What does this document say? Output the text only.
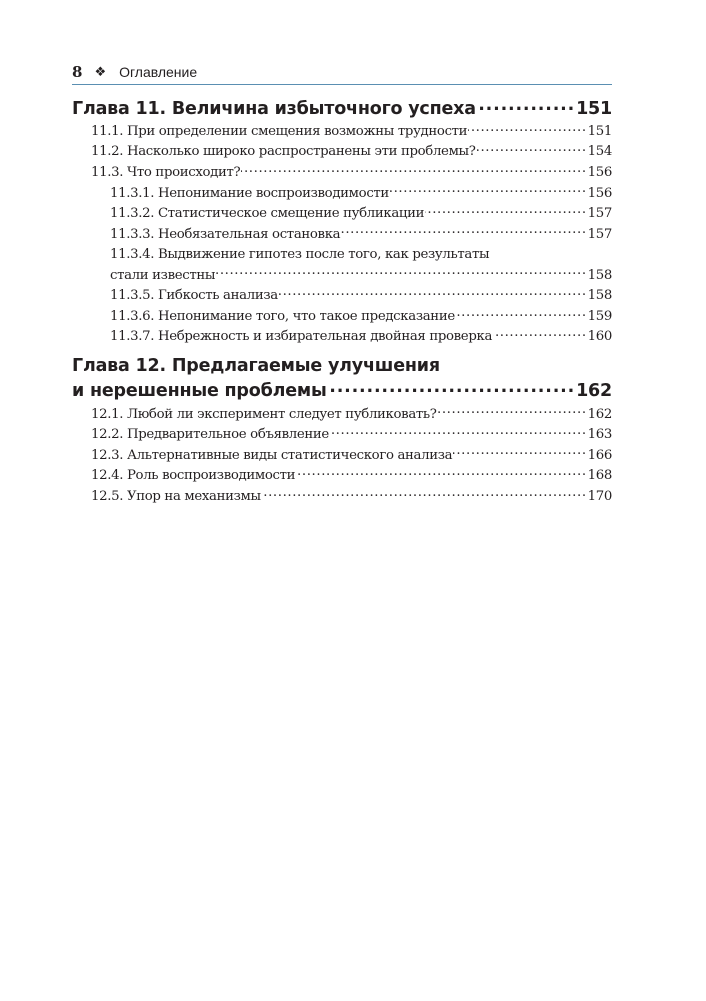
8 ❖ Оглавление
Глава 11. Величина избыточного успеха .....	151
11.1. При определении смещения возможны трудности .....	151
11.2. Насколько широко распространены эти проблемы? .....	154
11.3. Что происходит? .....	156
11.3.1. Непонимание воспроизводимости .....	156
11.3.2. Статистическое смещение публикации .....	157
11.3.3. Необязательная остановка .....	157
11.3.4. Выдвижение гипотез после того, как результаты
стали известны .....	158
11.3.5. Гибкость анализа .....	158
11.3.6. Непонимание того, что такое предсказание .....	159
11.3.7. Небрежность и избирательная двойная проверка .....	160
Глава 12. Предлагаемые улучшения
и нерешенные проблемы .....	162
12.1. Любой ли эксперимент следует публиковать? .....	162
12.2. Предварительное объявление .....	163
12.3. Альтернативные виды статистического анализа .....	166
12.4. Роль воспроизводимости .....	168
12.5. Упор на механизмы .....	170
